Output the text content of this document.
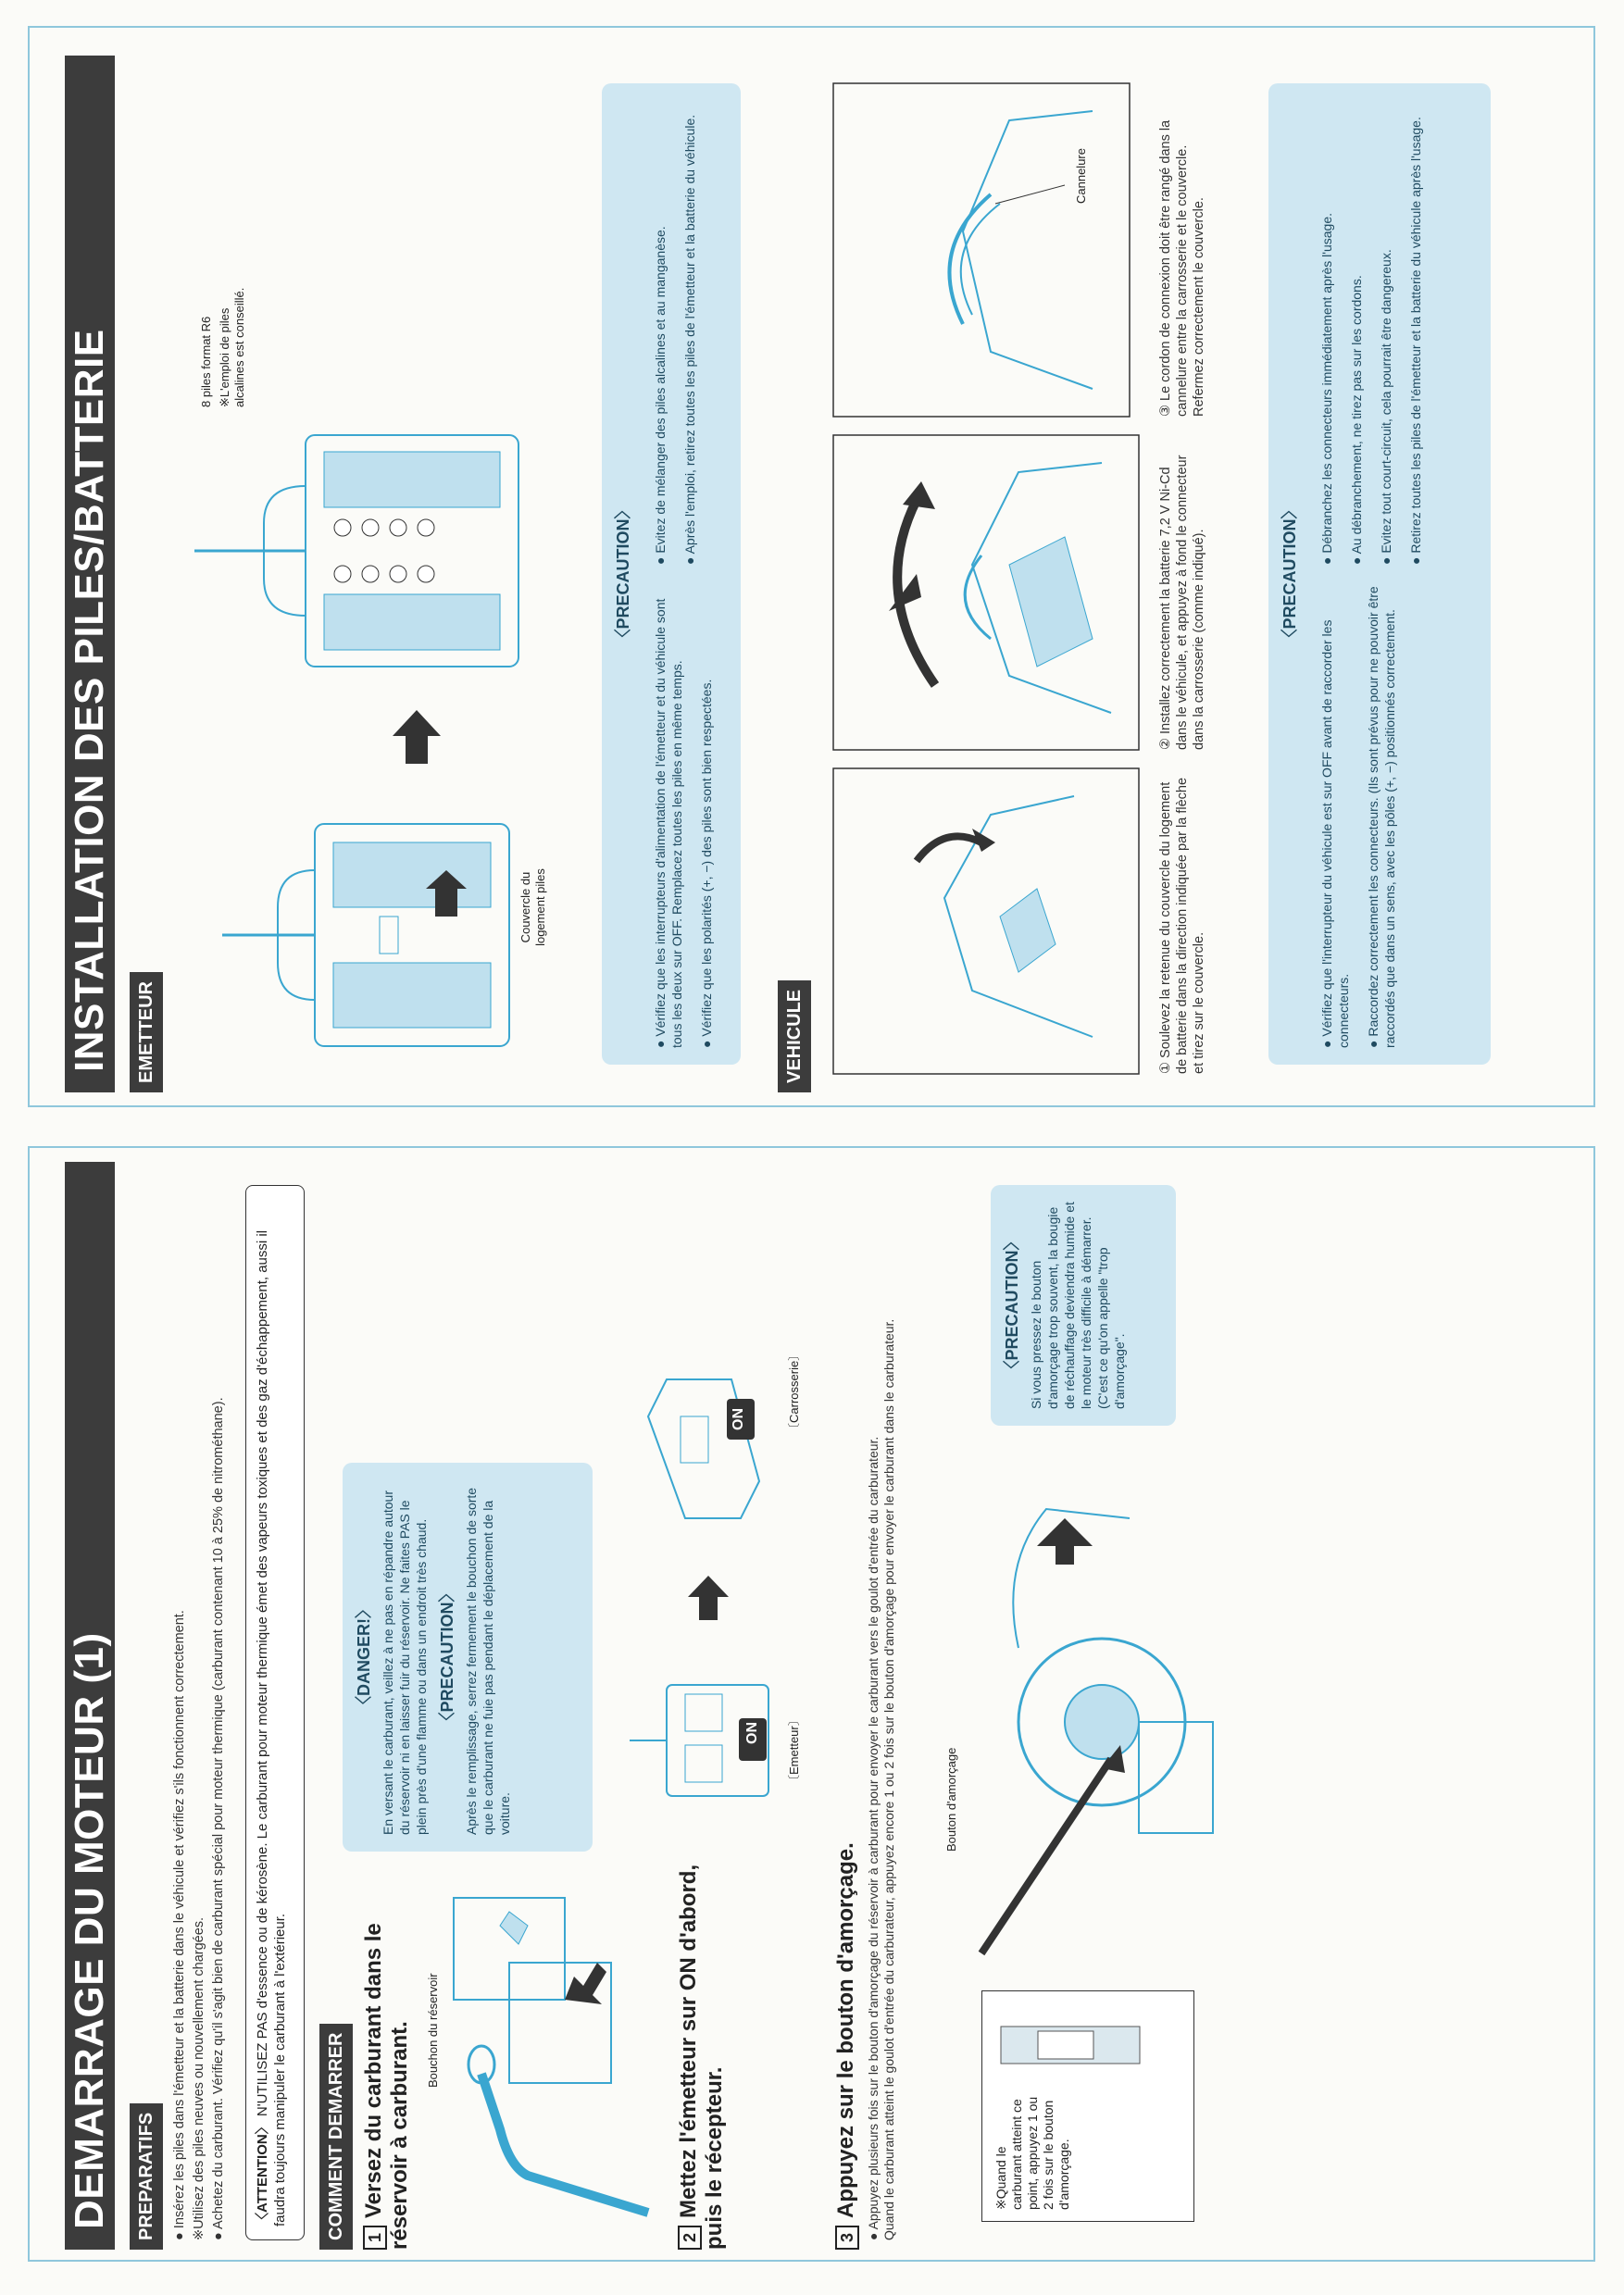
INSTALLATION DES PILES/BATTERIE	EMETTEUR
Couvercle du logement piles
8 piles format R6 ※L'emploi de piles alcalines est conseillé.
〈PRECAUTION〉

● Vérifiez que les interrupteurs d'alimentation de l'émetteur et du véhicule sont tous les deux sur OFF. Remplacez toutes les piles en même temps. ● Vérifiez que les polarités (+, −) des piles sont bien respectées.

● Evitez de mélanger des piles alcalines et au manganèse. ● Après l'emploi, retirez toutes les piles de l'émetteur et la batterie du véhicule.

VEHICULE
Cannelure
① Soulevez la retenue du couvercle du logement de batterie dans la direction indiquée par la flèche et tirez sur le couvercle.
② Installez correctement la batterie 7,2 V Ni-Cd dans le véhicule, et appuyez à fond le connecteur dans la carrosserie (comme indiqué).
③ Le cordon de connexion doit être rangé dans la cannelure entre la carrosserie et le couvercle. Refermez correctement le couvercle.
〈PRECAUTION〉

● Vérifiez que l'interrupteur du véhicule est sur OFF avant de raccorder les connecteurs. ● Raccordez correctement les connecteurs. (Ils sont prévus pour ne pouvoir être raccordés que dans un sens, avec les pôles (+, −) positionnés correctement.

● Débranchez les connecteurs immédiatement après l'usage. ● Au débranchement, ne tirez pas sur les cordons. ● Evitez tout court-circuit, cela pourrait être dangereux. ● Retirez toutes les piles de l'émetteur et la batterie du véhicule après l'usage.

DEMARRAGE DU MOTEUR (1)	PREPARATIFS	● Insérez les piles dans l'émetteur et la batterie dans le véhicule et vérifiez s'ils fonctionnent correctement. ※Utilisez des piles neuves ou nouvellement chargées. ● Achetez du carburant. Vérifiez qu'il s'agit bien de carburant spécial pour moteur thermique (carburant contenant 10 à 25% de nitrométhane).	〈ATTENTION〉 N'UTILISEZ PAS d'essence ou de kérosène. Le carburant pour moteur thermique émet des vapeurs toxiques et des gaz d'échappement, aussi il faudra toujours manipuler le carburant à l'extérieur.	COMMENT DEMARRER	1Versez du carburant dans le réservoir à carburant. Bouchon du réservoir
〈DANGER!〉 En versant le carburant, veillez à ne pas en répandre autour du réservoir ni en laisser fuir du réservoir. Ne faites PAS le plein près d'une flamme ou dans un endroit très chaud. 〈PRECAUTION〉 Après le remplissage, serrez fermement le bouchon de sorte que le carburant ne fuie pas pendant le déplacement de la voiture.

2Mettez l'émetteur sur ON d'abord, puis le récepteur.
ON 〔Emetteur〕
ON	〔Carrosserie〕
3Appuyez sur le bouton d'amorçage. ● Appuyez plusieurs fois sur le bouton d'amorçage du réservoir à carburant pour envoyer le carburant vers le goulot d'entrée du carburateur. Quand le carburant atteint le goulot d'entrée du carburateur, appuyez encore 1 ou 2 fois sur le bouton d'amorçage pour envoyer le carburant dans le carburateur.	※Quand le carburant atteint ce point, appuyez 1 ou 2 fois sur le bouton d'amorçage.
Bouton d'amorçage
〈PRECAUTION〉 Si vous pressez le bouton d'amorçage trop souvent, la bougie de réchauffage deviendra humide et le moteur très difficile à démarrer. (C'est ce qu'on appelle "trop d'amorçage".
